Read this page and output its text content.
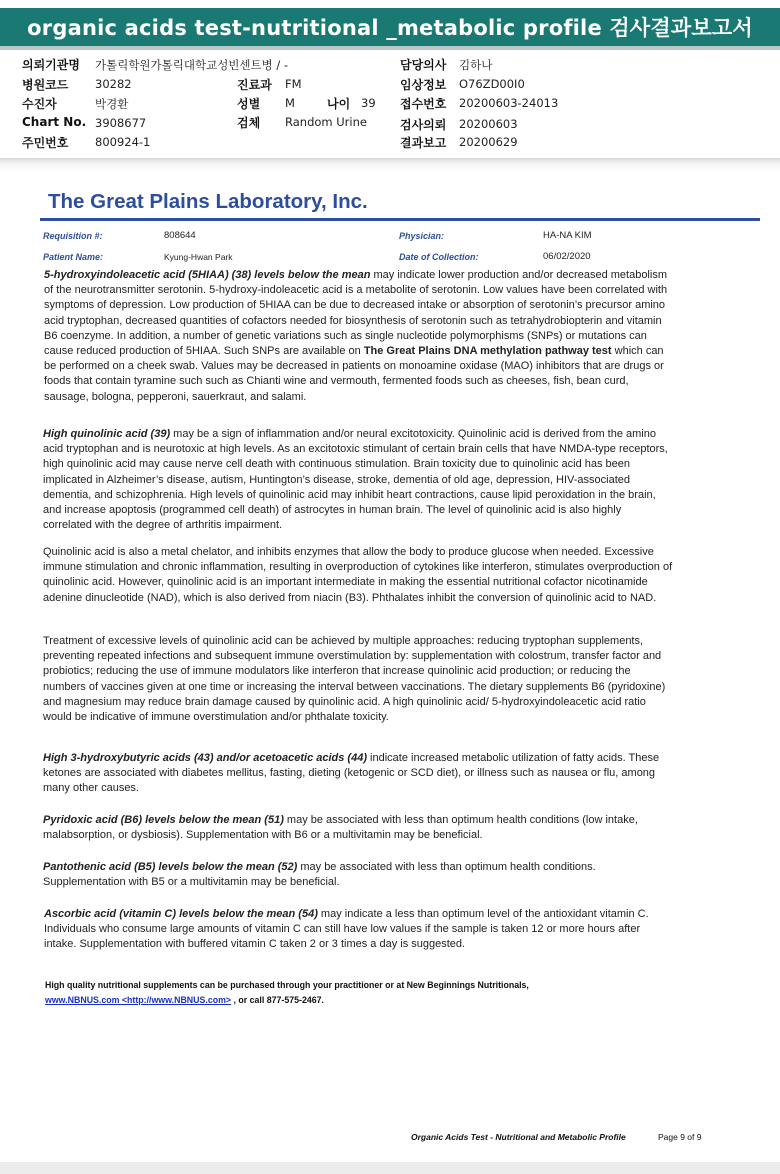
organic acids test-nutritional _metabolic profile 검사결과보고서
의뢰기관명 가톨릭학원가톨릭대학교성빈센트병 / -
병원코드 30282
수진자	박경환
Chart No. 3908677
주민번호 800924-1
진료과 FM
성별 M	나이 39
검체 Random Urine
담당의사 김하나
임상정보 O76ZD00I0
접수번호 20200603-24013
검사의뢰 20200603
결과보고 20200629
The Great Plains Laboratory, Inc.
Requisition #:	808644	Physician:	HA-NA KIM
Patient Name:	Kyung-Hwan Park	Date of Collection:	06/02/2020
5-hydroxyindoleacetic acid (5HIAA) (38) levels below the mean may indicate lower production and/or decreased metabolism of the neurotransmitter serotonin. 5-hydroxy-indoleacetic acid is a metabolite of serotonin. Low values have been correlated with symptoms of depression. Low production of 5HIAA can be due to decreased intake or absorption of serotonin’s precursor amino acid tryptophan, decreased quantities of cofactors needed for biosynthesis of serotonin such as tetrahydrobiopterin and vitamin B6 coenzyme. In addition, a number of genetic variations such as single nucleotide polymorphisms (SNPs) or mutations can cause reduced production of 5HIAA. Such SNPs are available on The Great Plains DNA methylation pathway test which can be performed on a cheek swab. Values may be decreased in patients on monoamine oxidase (MAO) inhibitors that are drugs or foods that contain tyramine such such as Chianti wine and vermouth, fermented foods such as cheeses, fish, bean curd, sausage, bologna, pepperoni, sauerkraut, and salami.
High quinolinic acid (39) may be a sign of inflammation and/or neural excitotoxicity. Quinolinic acid is derived from the amino acid tryptophan and is neurotoxic at high levels. As an excitotoxic stimulant of certain brain cells that have NMDA-type receptors, high quinolinic acid may cause nerve cell death with continuous stimulation. Brain toxicity due to quinolinic acid has been implicated in Alzheimer’s disease, autism, Huntington’s disease, stroke, dementia of old age, depression, HIV-associated dementia, and schizophrenia. High levels of quinolinic acid may inhibit heart contractions, cause lipid peroxidation in the brain, and increase apoptosis (programmed cell death) of astrocytes in human brain. The level of quinolinic acid is also highly correlated with the degree of arthritis impairment.
Quinolinic acid is also a metal chelator, and inhibits enzymes that allow the body to produce glucose when needed. Excessive immune stimulation and chronic inflammation, resulting in overproduction of cytokines like interferon, stimulates overproduction of quinolinic acid. However, quinolinic acid is an important intermediate in making the essential nutritional cofactor nicotinamide adenine dinucleotide (NAD), which is also derived from niacin (B3). Phthalates inhibit the conversion of quinolinic acid to NAD.
Treatment of excessive levels of quinolinic acid can be achieved by multiple approaches: reducing tryptophan supplements, preventing repeated infections and subsequent immune overstimulation by: supplementation with colostrum, transfer factor and probiotics; reducing the use of immune modulators like interferon that increase quinolinic acid production; or reducing the numbers of vaccines given at one time or increasing the interval between vaccinations. The dietary supplements B6 (pyridoxine) and magnesium may reduce brain damage caused by quinolinic acid. A high quinolinic acid/ 5-hydroxyindoleacetic acid ratio would be indicative of immune overstimulation and/or phthalate toxicity.
High 3-hydroxybutyric acids (43) and/or acetoacetic acids (44) indicate increased metabolic utilization of fatty acids. These ketones are associated with diabetes mellitus, fasting, dieting (ketogenic or SCD diet), or illness such as nausea or flu, among many other causes.
Pyridoxic acid (B6) levels below the mean (51) may be associated with less than optimum health conditions (low intake, malabsorption, or dysbiosis). Supplementation with B6 or a multivitamin may be beneficial.
Pantothenic acid (B5) levels below the mean (52) may be associated with less than optimum health conditions. Supplementation with B5 or a multivitamin may be beneficial.
Ascorbic acid (vitamin C) levels below the mean (54) may indicate a less than optimum level of the antioxidant vitamin C. Individuals who consume large amounts of vitamin C can still have low values if the sample is taken 12 or more hours after intake. Supplementation with buffered vitamin C taken 2 or 3 times a day is suggested.
High quality nutritional supplements can be purchased through your practitioner or at New Beginnings Nutritionals,
www.NBNUS.com <http://www.NBNUS.com> , or call 877-575-2467.
Organic Acids Test - Nutritional and Metabolic Profile	Page 9 of 9
